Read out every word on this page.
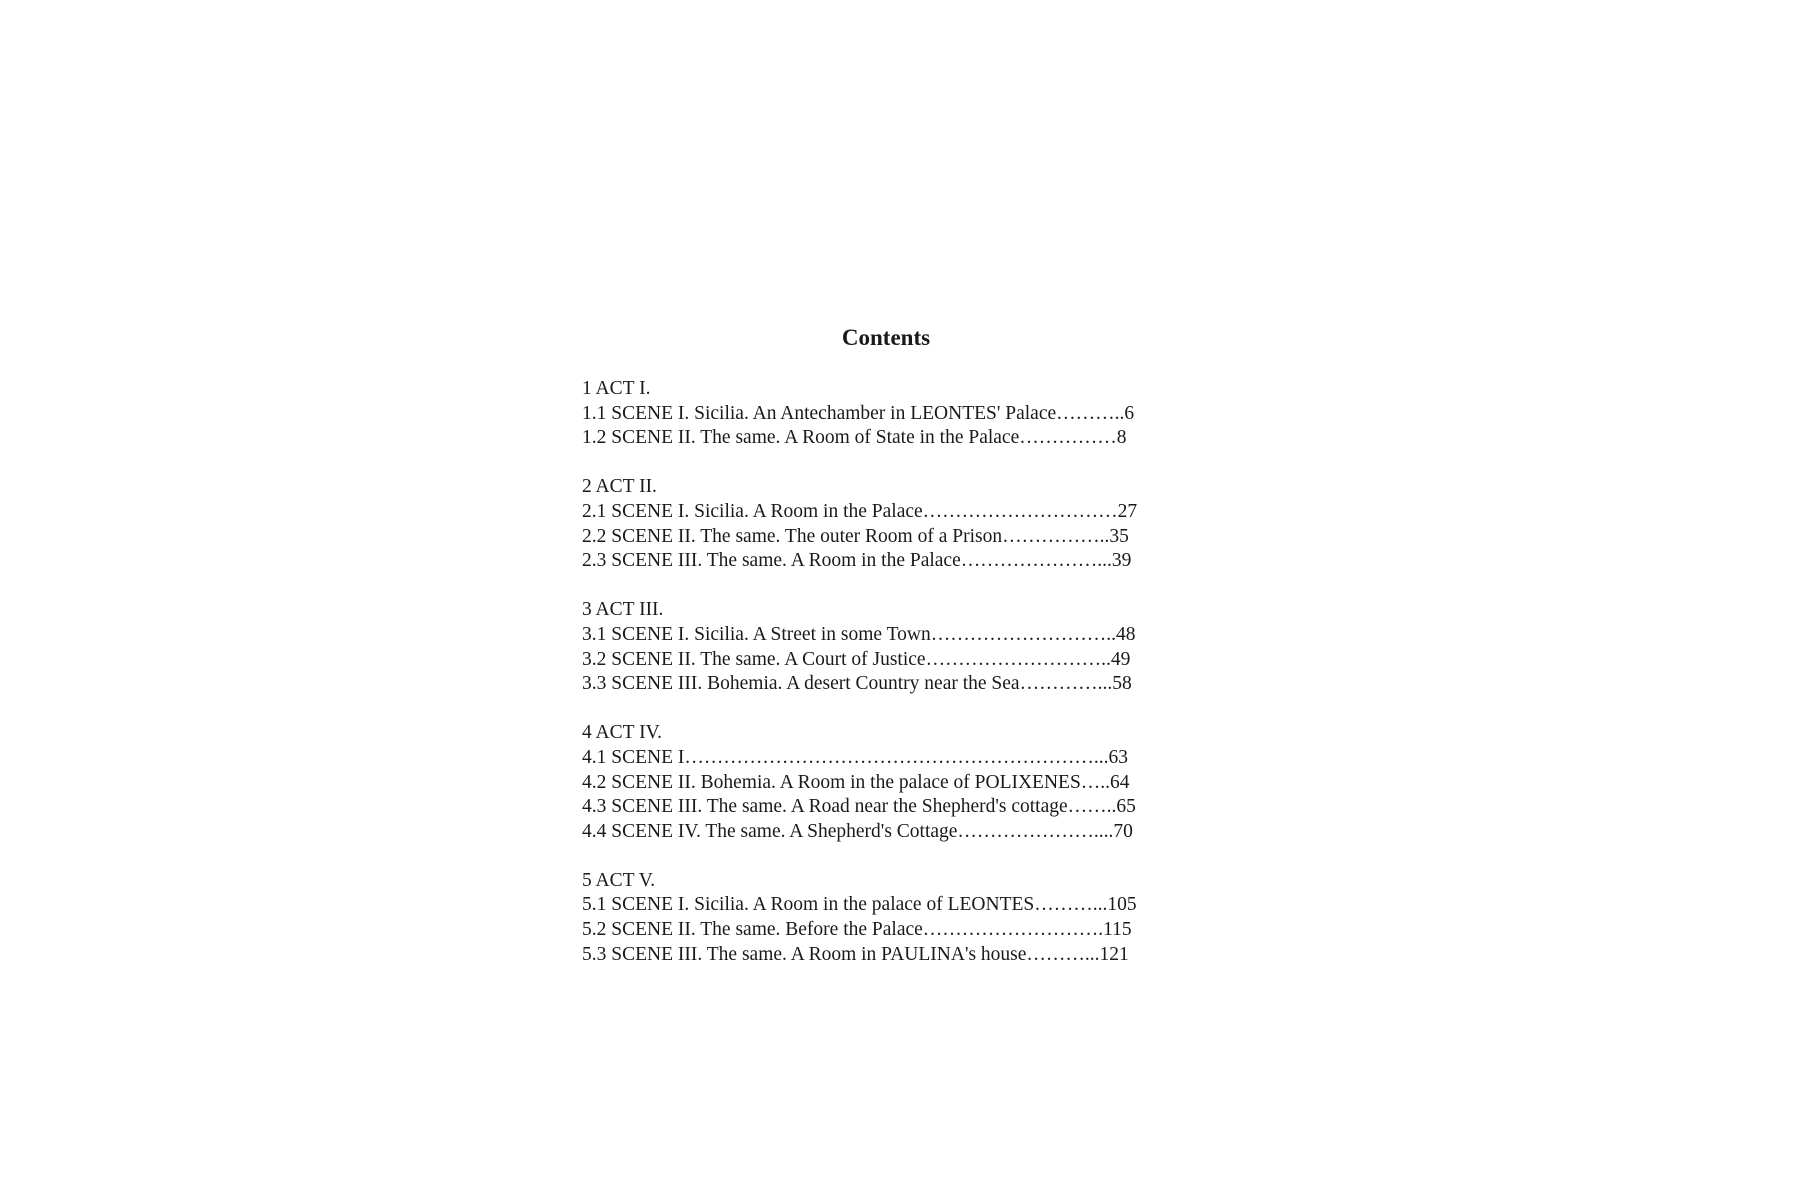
Contents
1 ACT I.
1.1 SCENE I. Sicilia. An Antechamber in LEONTES' Palace………..6
1.2 SCENE II. The same. A Room of State in the Palace……………8
2 ACT II.
2.1 SCENE I. Sicilia. A Room in the Palace…………………………27
2.2 SCENE II. The same. The outer Room of a Prison……………..35
2.3 SCENE III. The same. A Room in the Palace…………………...39
3 ACT III.
3.1 SCENE I. Sicilia. A Street in some Town………………………..48
3.2 SCENE II. The same. A Court of Justice………………………..49
3.3 SCENE III. Bohemia. A desert Country near the Sea…………...58
4 ACT IV.
4.1 SCENE I………………………………………………………...63
4.2 SCENE II. Bohemia. A Room in the palace of POLIXENES…..64
4.3 SCENE III. The same. A Road near the Shepherd's cottage……..65
4.4 SCENE IV. The same. A Shepherd's Cottage…………………....70
5 ACT V.
5.1 SCENE I. Sicilia. A Room in the palace of LEONTES………...105
5.2 SCENE II. The same. Before the Palace……………………….115
5.3 SCENE III. The same. A Room in PAULINA's house………...121
